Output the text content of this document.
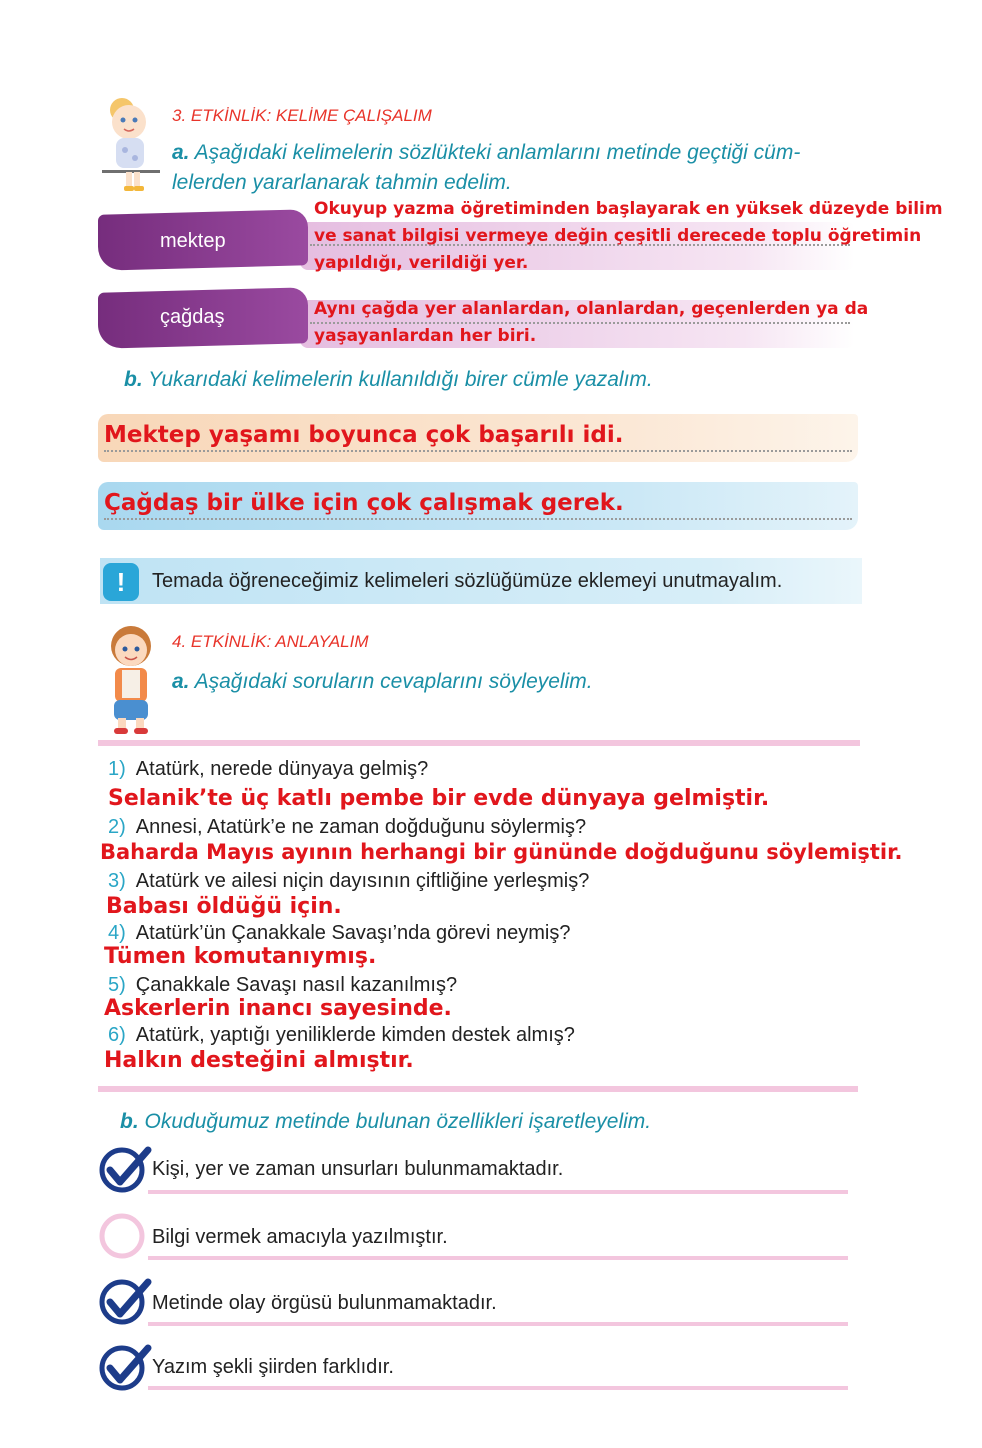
3. ETKİNLİK: KELİME ÇALIŞALIM
a. Aşağıdaki kelimelerin sözlükteki anlamlarını metinde geçtiği cüm-
lelerden yararlanarak tahmin edelim.
mektep
Okuyup yazma öğretiminden başlayarak en yüksek düzeyde bilim
ve sanat bilgisi vermeye değin çeşitli derecede toplu öğretimin
yapıldığı, verildiği yer.
çağdaş	Aynı çağda yer alanlardan, olanlardan, geçenlerden ya da
yaşayanlardan her biri.
b. Yukarıdaki kelimelerin kullanıldığı birer cümle yazalım.
Mektep yaşamı boyunca çok başarılı idi.
Çağdaş bir ülke için çok çalışmak gerek.
!	Temada öğreneceğimiz kelimeleri sözlüğümüze eklemeyi unutmayalım.
4. ETKİNLİK: ANLAYALIM
a. Aşağıdaki soruların cevaplarını söyleyelim.
1) Atatürk, nerede dünyaya gelmiş?
Selanik’te üç katlı pembe bir evde dünyaya gelmiştir.
2) Annesi, Atatürk’e ne zaman doğduğunu söylermiş?
Baharda Mayıs ayının herhangi bir gününde doğduğunu söylemiştir.
3) Atatürk ve ailesi niçin dayısının çiftliğine yerleşmiş?
Babası öldüğü için.
4) Atatürk’ün Çanakkale Savaşı’nda görevi neymiş?
Tümen komutanıymış.
5) Çanakkale Savaşı nasıl kazanılmış?
Askerlerin inancı sayesinde.
6) Atatürk, yaptığı yeniliklerde kimden destek almış?
Halkın desteğini almıştır.
b. Okuduğumuz metinde bulunan özellikleri işaretleyelim.
Kişi, yer ve zaman unsurları bulunmamaktadır.
Bilgi vermek amacıyla yazılmıştır.
Metinde olay örgüsü bulunmamaktadır.
Yazım şekli şiirden farklıdır.
